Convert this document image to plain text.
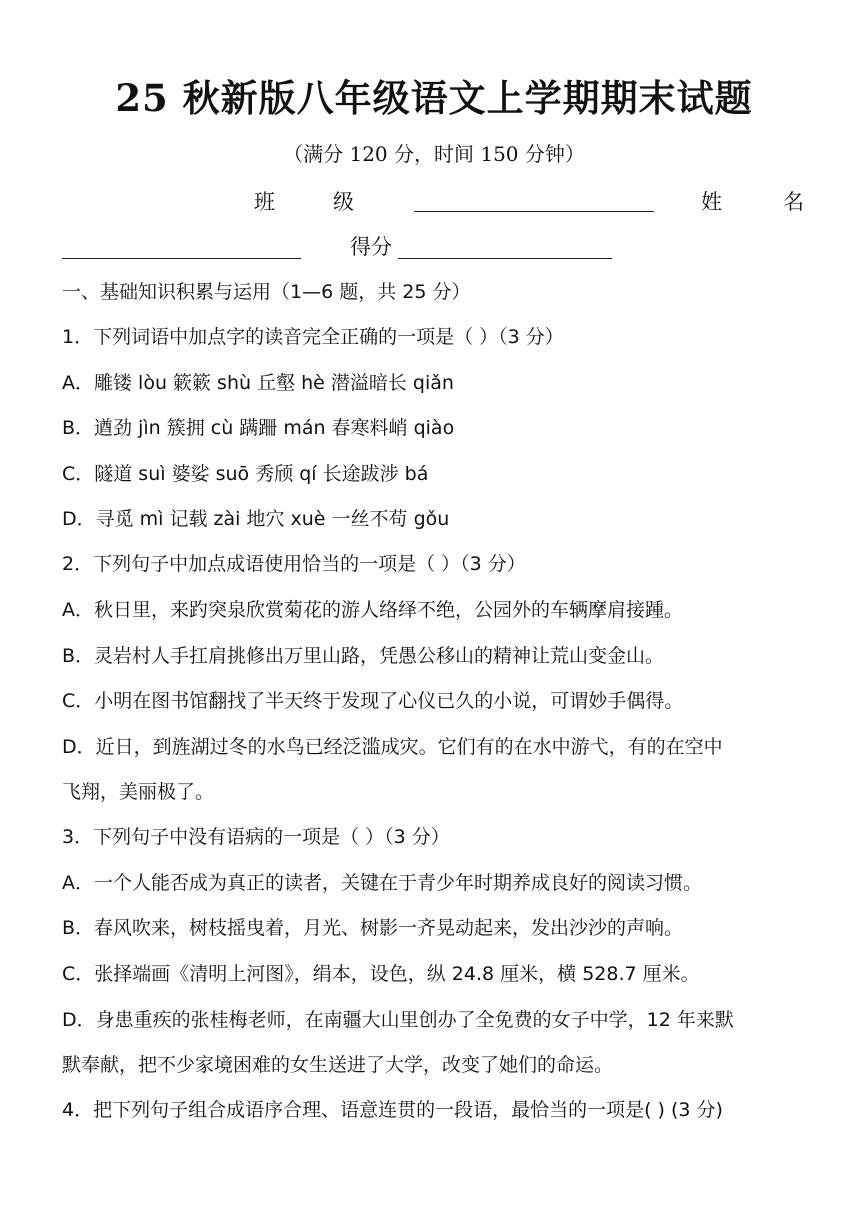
25 秋新版八年级语文上学期期末试题
（满分 120 分，时间 150 分钟）
班	级	姓	名
得分
一、基础知识积累与运用（1—6 题，共 25 分）
1．下列词语中加点字的读音完全正确的一项是（ ）（3 分）
A．雕镂 lòu 簌簌 shù 丘壑 hè 潜溢暗长 qiǎn
B．遒劲 jìn 簇拥 cù 蹒跚 mán 春寒料峭 qiào
C．隧道 suì 婆娑 suō 秀颀 qí 长途跋涉 bá
D．寻觅 mì 记载 zài 地穴 xuè 一丝不苟 gǒu
2．下列句子中加点成语使用恰当的一项是（ ）（3 分）
A．秋日里，来趵突泉欣赏菊花的游人络绎不绝，公园外的车辆摩肩接踵。
B．灵岩村人手扛肩挑修出万里山路，凭愚公移山的精神让荒山变金山。
C．小明在图书馆翻找了半天终于发现了心仪已久的小说，可谓妙手偶得。
D．近日，到旌湖过冬的水鸟已经泛滥成灾。它们有的在水中游弋，有的在空中
飞翔，美丽极了。
3．下列句子中没有语病的一项是（ ）（3 分）
A．一个人能否成为真正的读者，关键在于青少年时期养成良好的阅读习惯。
B．春风吹来，树枝摇曳着，月光、树影一齐晃动起来，发出沙沙的声响。
C．张择端画《清明上河图》，绢本，设色，纵 24.8 厘米，横 528.7 厘米。
D．身患重疾的张桂梅老师，在南疆大山里创办了全免费的女子中学，12 年来默
默奉献，把不少家境困难的女生送进了大学，改变了她们的命运。
4．把下列句子组合成语序合理、语意连贯的一段语，最恰当的一项是( ) (3 分)
